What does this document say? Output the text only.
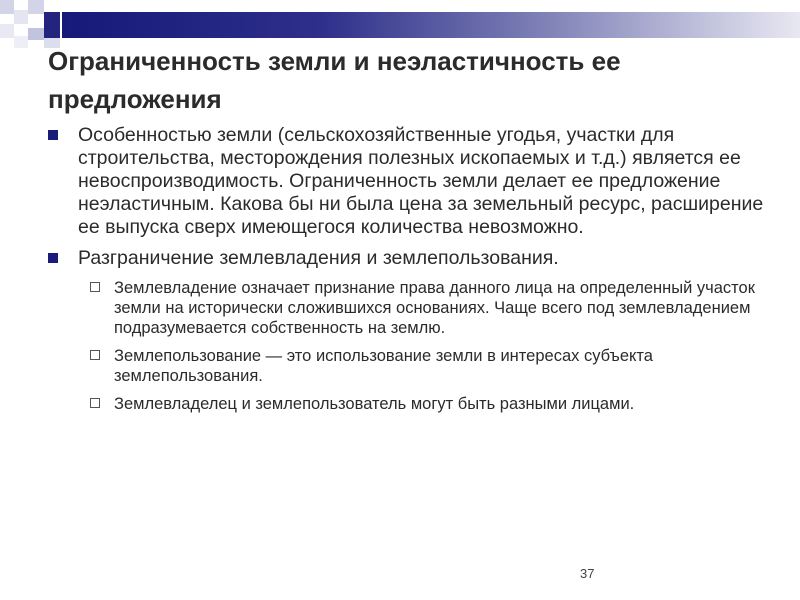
Ограниченность земли и неэластичность ее предложения
Особенностью земли (сельскохозяйственные угодья, участки для строительства, месторождения полезных ископаемых и т.д.) является ее невоспроизводимость. Ограниченность земли делает ее предложение неэластичным. Какова бы ни была цена за земельный ресурс, расширение ее выпуска сверх имеющегося количества невозможно.
Разграничение землевладения и землепользования.
Землевладение означает признание права данного лица на определенный участок земли на исторически сложившихся основаниях. Чаще всего под землевладением подразумевается собственность на землю.
Землепользование — это использование земли в интересах субъекта землепользования.
Землевладелец и землепользователь могут быть разными лицами.
37
